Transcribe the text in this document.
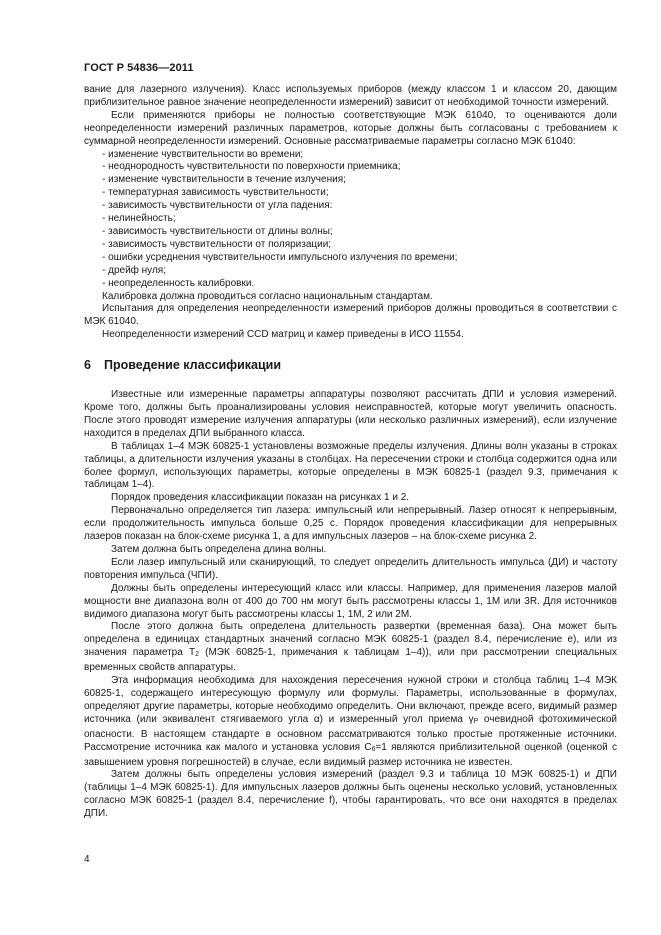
ГОСТ Р 54836—2011

вание для лазерного излучения). Класс используемых приборов (между классом 1 и классом 20, дающим приблизительное равное значение неопределенности измерений) зависит от необходимой точности измерений.

Если применяются приборы не полностью соответствующие МЭК 61040, то оцениваются доли неопределенности измерений различных параметров, которые должны быть согласованы с требованием к суммарной неопределенности измерений. Основные рассматриваемые параметры согласно МЭК 61040:

- изменение чувствительности во времени;
- неоднородность чувствительности по поверхности приемника;
- изменение чувствительности в течение излучения;
- температурная зависимость чувствительности;
- зависимость чувствительности от угла падения:
- нелинейность;
- зависимость чувствительности от длины волны;
- зависимость чувствительности от поляризации;
- ошибки усреднения чувствительности импульсного излучения по времени;
- дрейф нуля;
- неопределенность калибровки.

Калибровка должна проводиться согласно национальным стандартам.

Испытания для определения неопределенности измерений приборов должны проводиться в соответствии с МЭК 61040.

Неопределенности измерений CCD матриц и камер приведены в ИСО 11554.

6 Проведение классификации

Известные или измеренные параметры аппаратуры позволяют рассчитать ДПИ и условия измерений. Кроме того, должны быть проанализированы условия неисправностей, которые могут увеличить опасность. После этого проводят измерение излучения аппаратуры (или несколько различных измерений), если излучение находится в пределах ДПИ выбранного класса.

В таблицах 1–4 МЭК 60825-1 установлены возможные пределы излучения. Длины волн указаны в строках таблицы, а длительности излучения указаны в столбцах. На пересечении строки и столбца содержится одна или более формул, использующих параметры, которые определены в МЭК 60825-1 (раздел 9.3, примечания к таблицам 1–4).

Порядок проведения классификации показан на рисунках 1 и 2.

Первоначально определяется тип лазера: импульсный или непрерывный. Лазер относят к непрерывным, если продолжительность импульса больше 0,25 с. Порядок проведения классификации для непрерывных лазеров показан на блок-схеме рисунка 1, а для импульсных лазеров – на блок-схеме рисунка 2.

Затем должна быть определена длина волны.

Если лазер импульсный или сканирующий, то следует определить длительность импульса (ДИ) и частоту повторения импульса (ЧПИ).

Должны быть определены интересующий класс или классы. Например, для применения лазеров малой мощности вне диапазона волн от 400 до 700 нм могут быть рассмотрены классы 1, 1М или 3R. Для источников видимого диапазона могут быть рассмотрены классы 1, 1М, 2 или 2М.

После этого должна быть определена длительность развертки (временная база). Она может быть определена в единицах стандартных значений согласно МЭК 60825-1 (раздел 8.4, перечисление е), или из значения параметра $T_2$ (МЭК 60825-1, примечания к таблицам 1–4)), или при рассмотрении специальных временных свойств аппаратуры.

Эта информация необходима для нахождения пересечения нужной строки и столбца таблиц 1–4 МЭК 60825-1, содержащего интересующую формулу или формулы. Параметры, использованные в формулах, определяют другие параметры, которые необходимо определить. Они включают, прежде всего, видимый размер источника (или эквивалент стягиваемого угла α) и измеренный угол приема $\gamma_P$ очевидной фотохимической опасности. В настоящем стандарте в основном рассматриваются только простые протяженные источники. Рассмотрение источника как малого и установка условия $C_6=1$ являются приблизительной оценкой (оценкой с завышением уровня погрешностей) в случае, если видимый размер источника не известен.

Затем должны быть определены условия измерений (раздел 9.3 и таблица 10 МЭК 60825-1) и ДПИ (таблицы 1–4 МЭК 60825-1). Для импульсных лазеров должны быть оценены несколько условий, установленных согласно МЭК 60825-1 (раздел 8.4, перечисление f), чтобы гарантировать, что все они находятся в пределах ДПИ.

4
